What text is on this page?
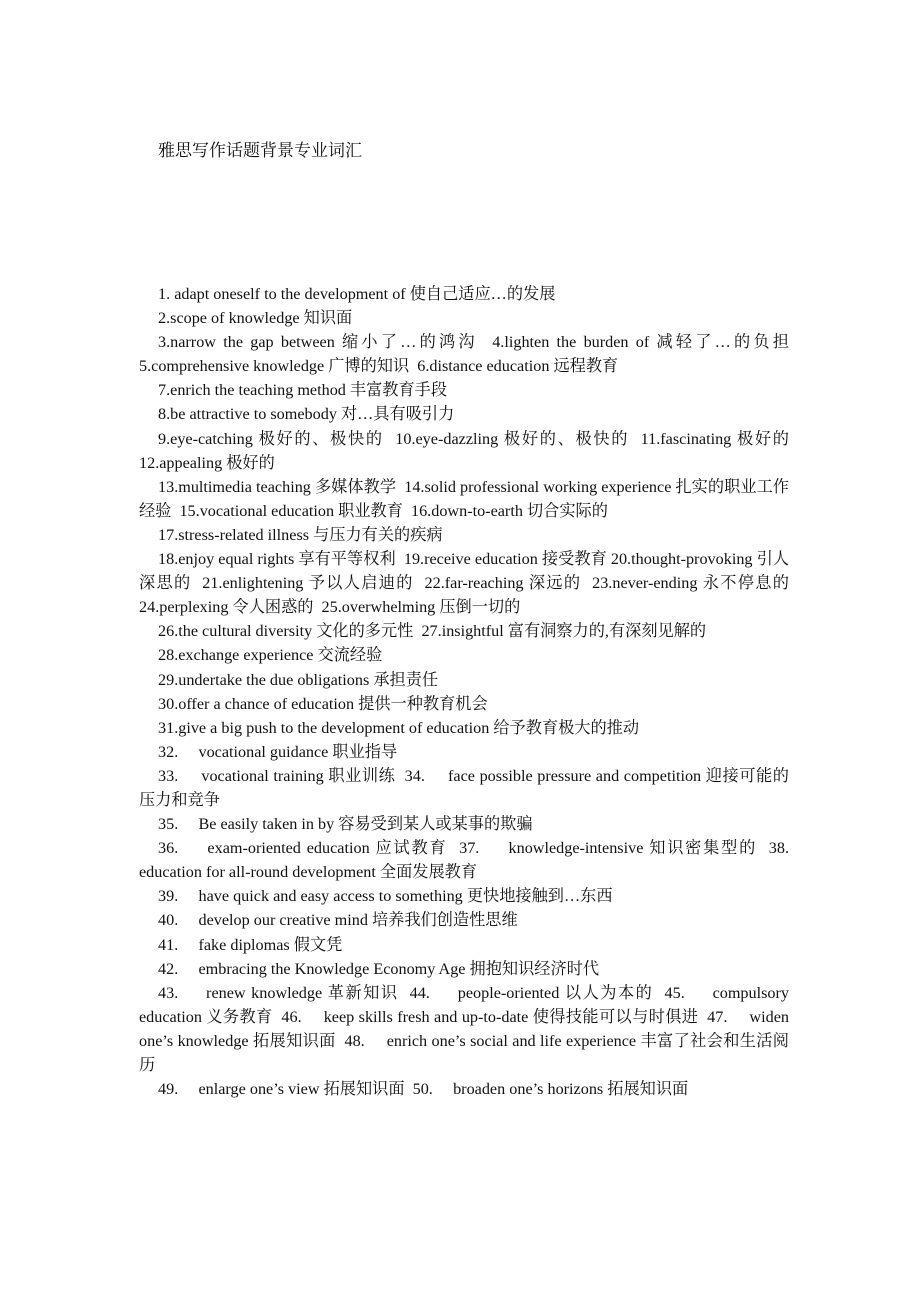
雅思写作话题背景专业词汇

1. adapt oneself to the development of 使自己适应…的发展

2.scope of knowledge 知识面

3.narrow the gap between 缩小了…的鸿沟  4.lighten the burden of 减轻了…的负担  5.comprehensive knowledge 广博的知识  6.distance education 远程教育

7.enrich the teaching method 丰富教育手段

8.be attractive to somebody 对…具有吸引力

9.eye-catching 极好的、极快的  10.eye-dazzling 极好的、极快的  11.fascinating 极好的        12.appealing 极好的

13.multimedia teaching 多媒体教学  14.solid professional working experience 扎实的职业工作经验  15.vocational education 职业教育  16.down-to-earth 切合实际的

17.stress-related illness 与压力有关的疾病

18.enjoy equal rights 享有平等权利  19.receive education 接受教育 20.thought-provoking 引人深思的  21.enlightening 予以人启迪的  22.far-reaching 深远的  23.never-ending 永不停息的  24.perplexing 令人困惑的  25.overwhelming 压倒一切的

26.the cultural diversity 文化的多元性  27.insightful 富有洞察力的,有深刻见解的

28.exchange experience 交流经验

29.undertake the due obligations 承担责任

30.offer a chance of education 提供一种教育机会

31.give a big push to the development of education 给予教育极大的推动

32.     vocational guidance 职业指导

33.     vocational training 职业训练  34.     face possible pressure and competition 迎接可能的压力和竞争

35.     Be easily taken in by 容易受到某人或某事的欺骗

36.     exam-oriented education 应试教育  37.     knowledge-intensive 知识密集型的  38.     education for all-round development 全面发展教育

39.     have quick and easy access to something 更快地接触到…东西

40.     develop our creative mind 培养我们创造性思维

41.     fake diplomas 假文凭

42.     embracing the Knowledge Economy Age 拥抱知识经济时代

43.     renew knowledge 革新知识  44.     people-oriented 以人为本的  45.     compulsory education 义务教育  46.     keep skills fresh and up-to-date 使得技能可以与时俱进  47.     widen one’s knowledge 拓展知识面  48.     enrich one’s social and life experience 丰富了社会和生活阅历

49.     enlarge one’s view 拓展知识面  50.     broaden one’s horizons 拓展知识面
